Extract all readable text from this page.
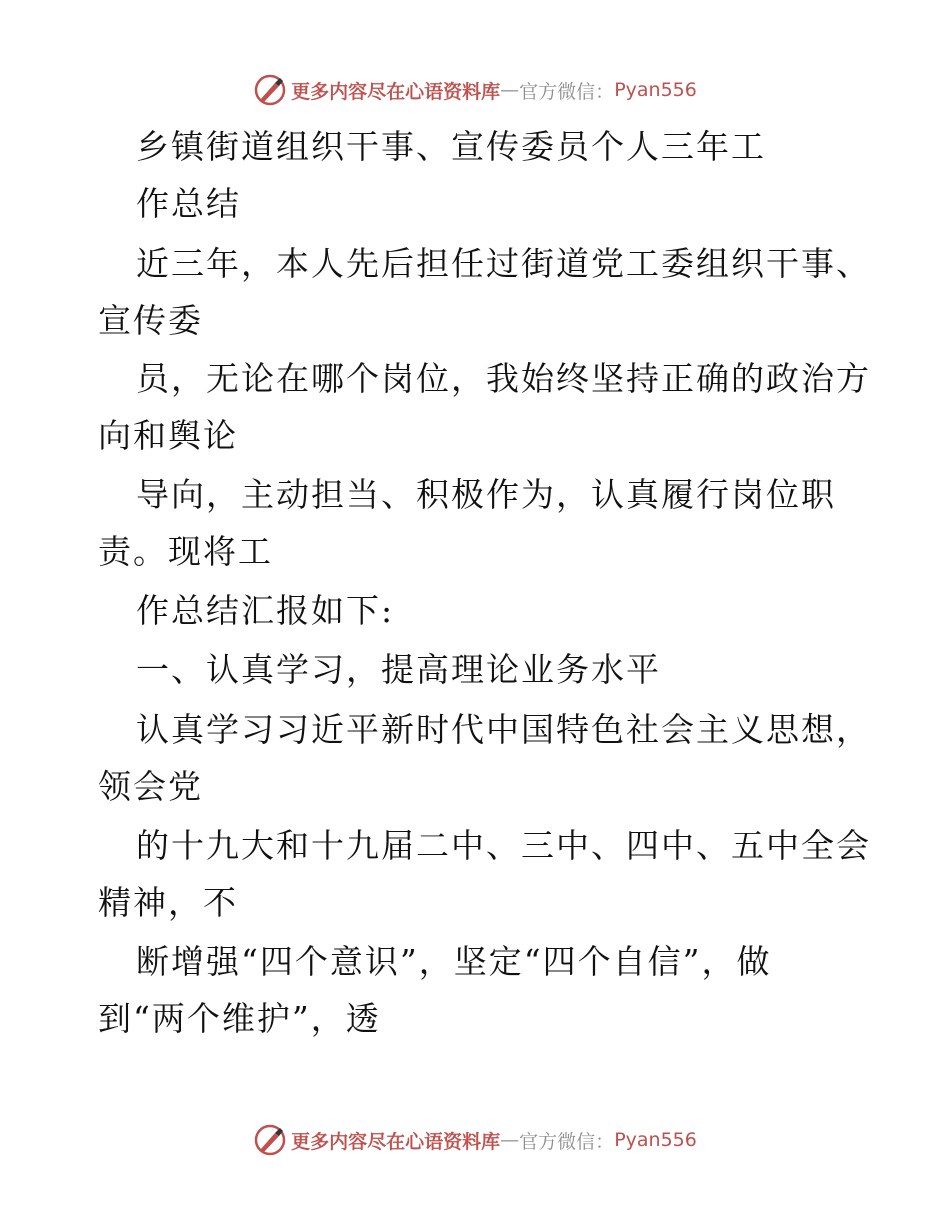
更多内容尽在心语资料库 — 官方微信： Pyan556
乡镇街道组织干事、宣传委员个人三年工
作总结
近三年，本人先后担任过街道党工委组织干事、
宣传委
员，无论在哪个岗位，我始终坚持正确的政治方
向和舆论
导向，主动担当、积极作为，认真履行岗位职
责。现将工
作总结汇报如下:
一、认真学习，提高理论业务水平
认真学习习近平新时代中国特色社会主义思想，
领会党
的十九大和十九届二中、三中、四中、五中全会
精神，不
断增强“四个意识”，坚定“四个自信”，做
到“两个维护”，透
更多内容尽在心语资料库 — 官方微信： Pyan556
